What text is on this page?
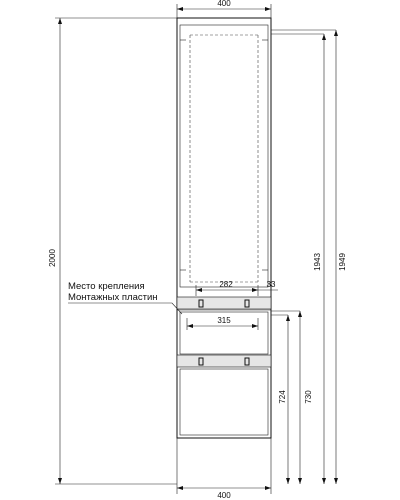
400
2000	1943 1949
724 730
282	33
315
400
Место крепления
Монтажных пластин
